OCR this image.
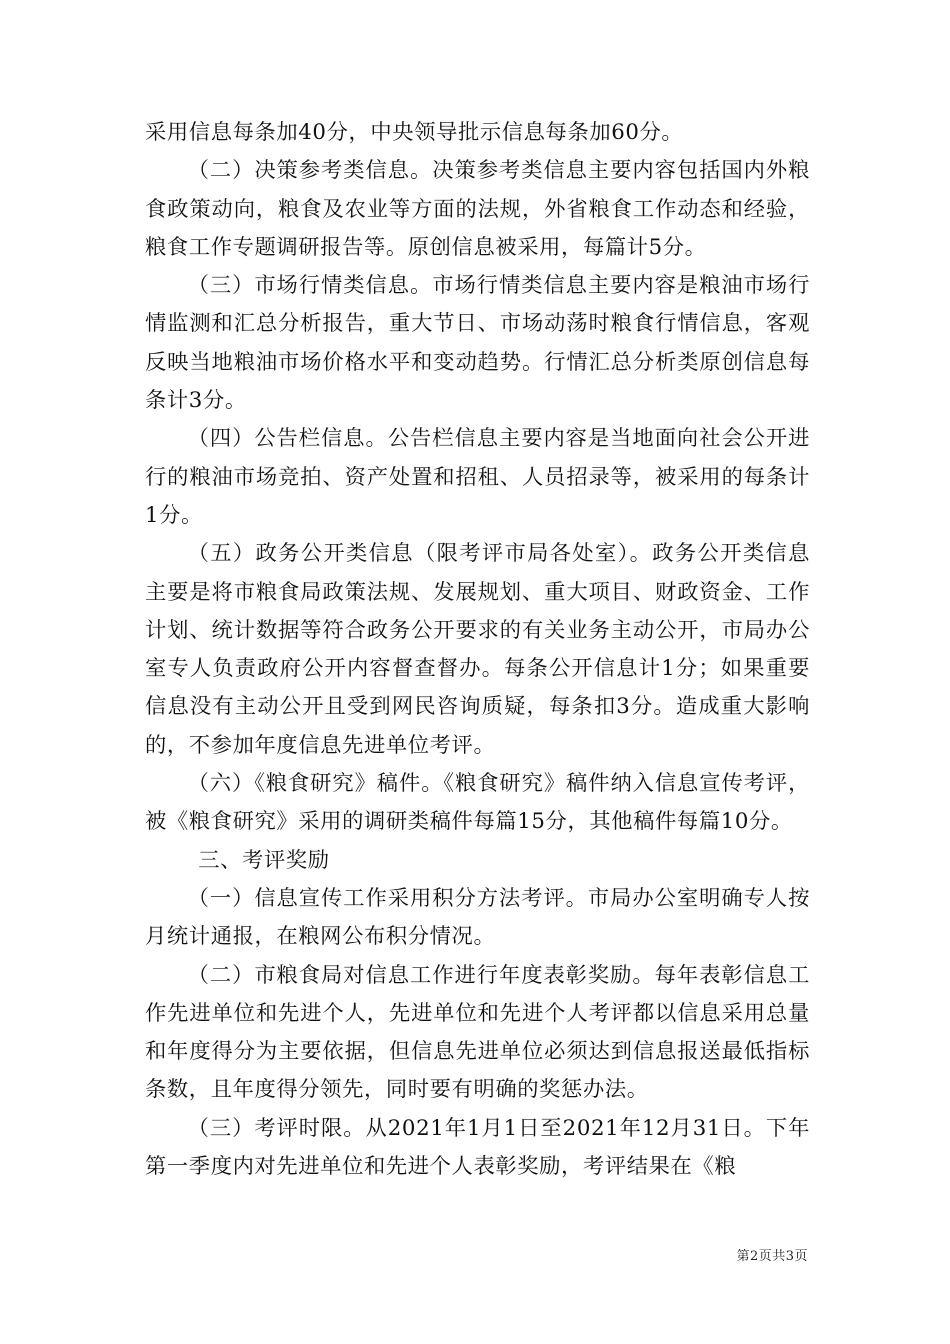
采用信息每条加40分，中央领导批示信息每条加60分。

（二）决策参考类信息。决策参考类信息主要内容包括国内外粮食政策动向，粮食及农业等方面的法规，外省粮食工作动态和经验，粮食工作专题调研报告等。原创信息被采用，每篇计5分。

（三）市场行情类信息。市场行情类信息主要内容是粮油市场行情监测和汇总分析报告，重大节日、市场动荡时粮食行情信息，客观反映当地粮油市场价格水平和变动趋势。行情汇总分析类原创信息每条计3分。

（四）公告栏信息。公告栏信息主要内容是当地面向社会公开进行的粮油市场竞拍、资产处置和招租、人员招录等，被采用的每条计1分。

（五）政务公开类信息（限考评市局各处室）。政务公开类信息主要是将市粮食局政策法规、发展规划、重大项目、财政资金、工作计划、统计数据等符合政务公开要求的有关业务主动公开，市局办公室专人负责政府公开内容督查督办。每条公开信息计1分；如果重要信息没有主动公开且受到网民咨询质疑，每条扣3分。造成重大影响的，不参加年度信息先进单位考评。

（六）《粮食研究》稿件。《粮食研究》稿件纳入信息宣传考评，被《粮食研究》采用的调研类稿件每篇15分，其他稿件每篇10分。

三、考评奖励

（一）信息宣传工作采用积分方法考评。市局办公室明确专人按月统计通报，在粮网公布积分情况。

（二）市粮食局对信息工作进行年度表彰奖励。每年表彰信息工作先进单位和先进个人，先进单位和先进个人考评都以信息采用总量和年度得分为主要依据，但信息先进单位必须达到信息报送最低指标条数，且年度得分领先，同时要有明确的奖惩办法。

（三）考评时限。从2021年1月1日至2021年12月31日。下年第一季度内对先进单位和先进个人表彰奖励，考评结果在《粮

第2页共3页
